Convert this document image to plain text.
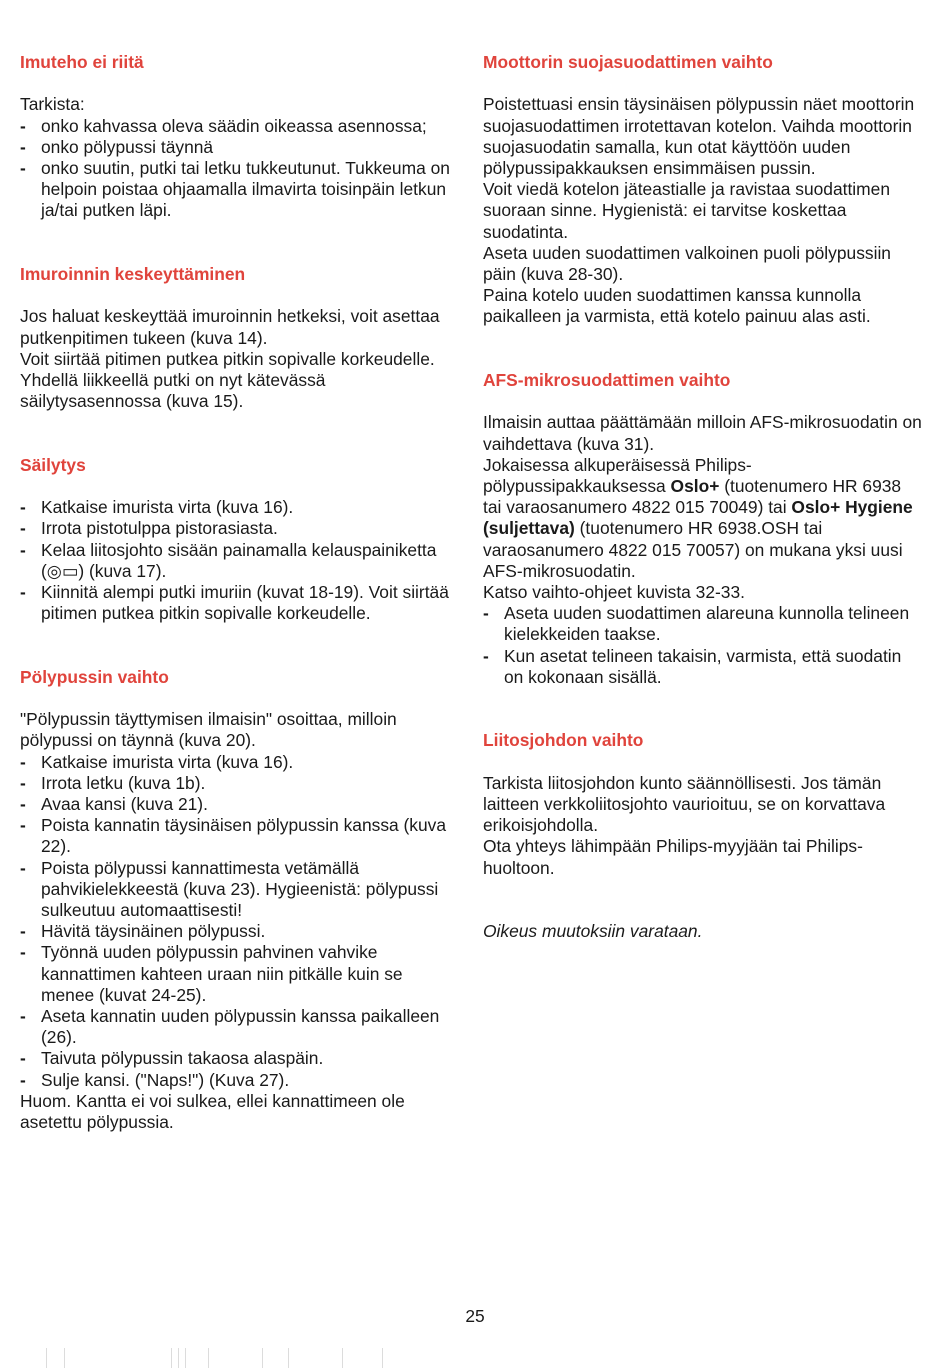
Imuteho ei riitä

Tarkista:

- onko kahvassa oleva säädin oikeassa asennossa;
- onko pölypussi täynnä
- onko suutin, putki tai letku tukkeutunut. Tukkeuma on helpoin poistaa ohjaamalla ilmavirta toisinpäin letkun ja/tai putken läpi.
Imuroinnin keskeyttäminen

Jos haluat keskeyttää imuroinnin hetkeksi, voit asettaa putkenpitimen tukeen (kuva 14).

Voit siirtää pitimen putkea pitkin sopivalle korkeudelle.

Yhdellä liikkeellä putki on nyt kätevässä säilytysasennossa (kuva 15).

Säilytys
- Katkaise imurista virta (kuva 16).
- Irrota pistotulppa pistorasiasta.
- Kelaa liitosjohto sisään painamalla kelauspainiketta (◎▭) (kuva 17).
- Kiinnitä alempi putki imuriin (kuvat 18-19). Voit siirtää pitimen putkea pitkin sopivalle korkeudelle.
Pölypussin vaihto

"Pölypussin täyttymisen ilmaisin" osoittaa, milloin pölypussi on täynnä (kuva 20).

- Katkaise imurista virta (kuva 16).
- Irrota letku (kuva 1b).
- Avaa kansi (kuva 21).
- Poista kannatin täysinäisen pölypussin kanssa (kuva 22).
- Poista pölypussi kannattimesta vetämällä pahvikielekkeestä (kuva 23). Hygieenistä: pölypussi sulkeutuu automaattisesti!
- Hävitä täysinäinen pölypussi.
- Työnnä uuden pölypussin pahvinen vahvike kannattimen kahteen uraan niin pitkälle kuin se menee (kuvat 24-25).
- Aseta kannatin uuden pölypussin kanssa paikalleen (26).
- Taivuta pölypussin takaosa alaspäin.
- Sulje kansi. ("Naps!") (Kuva 27).

Huom. Kantta ei voi sulkea, ellei kannattimeen ole asetettu pölypussia.

Moottorin suojasuodattimen vaihto

Poistettuasi ensin täysinäisen pölypussin näet moottorin suojasuodattimen irrotettavan kotelon. Vaihda moottorin suojasuodatin samalla, kun otat käyttöön uuden pölypussipakkauksen ensimmäisen pussin.

Voit viedä kotelon jäteastialle ja ravistaa suodattimen suoraan sinne. Hygienistä: ei tarvitse koskettaa suodatinta.

Aseta uuden suodattimen valkoinen puoli pölypussiin päin (kuva 28-30).

Paina kotelo uuden suodattimen kanssa kunnolla paikalleen ja varmista, että kotelo painuu alas asti.

AFS-mikrosuodattimen vaihto

Ilmaisin auttaa päättämään milloin AFS-mikrosuodatin on vaihdettava (kuva 31).

Jokaisessa alkuperäisessä Philips-pölypussipakkauksessa Oslo+ (tuotenumero HR 6938 tai varaosanumero 4822 015 70049) tai Oslo+ Hygiene (suljettava) (tuotenumero HR 6938.OSH tai varaosanumero 4822 015 70057) on mukana yksi uusi AFS-mikrosuodatin.

Katso vaihto-ohjeet kuvista 32-33.

- Aseta uuden suodattimen alareuna kunnolla telineen kielekkeiden taakse.
- Kun asetat telineen takaisin, varmista, että suodatin on kokonaan sisällä.
Liitosjohdon vaihto

Tarkista liitosjohdon kunto säännöllisesti. Jos tämän laitteen verkkoliitosjohto vaurioituu, se on korvattava erikoisjohdolla.

Ota yhteys lähimpään Philips-myyjään tai Philips-huoltoon.

Oikeus muutoksiin varataan.

25
